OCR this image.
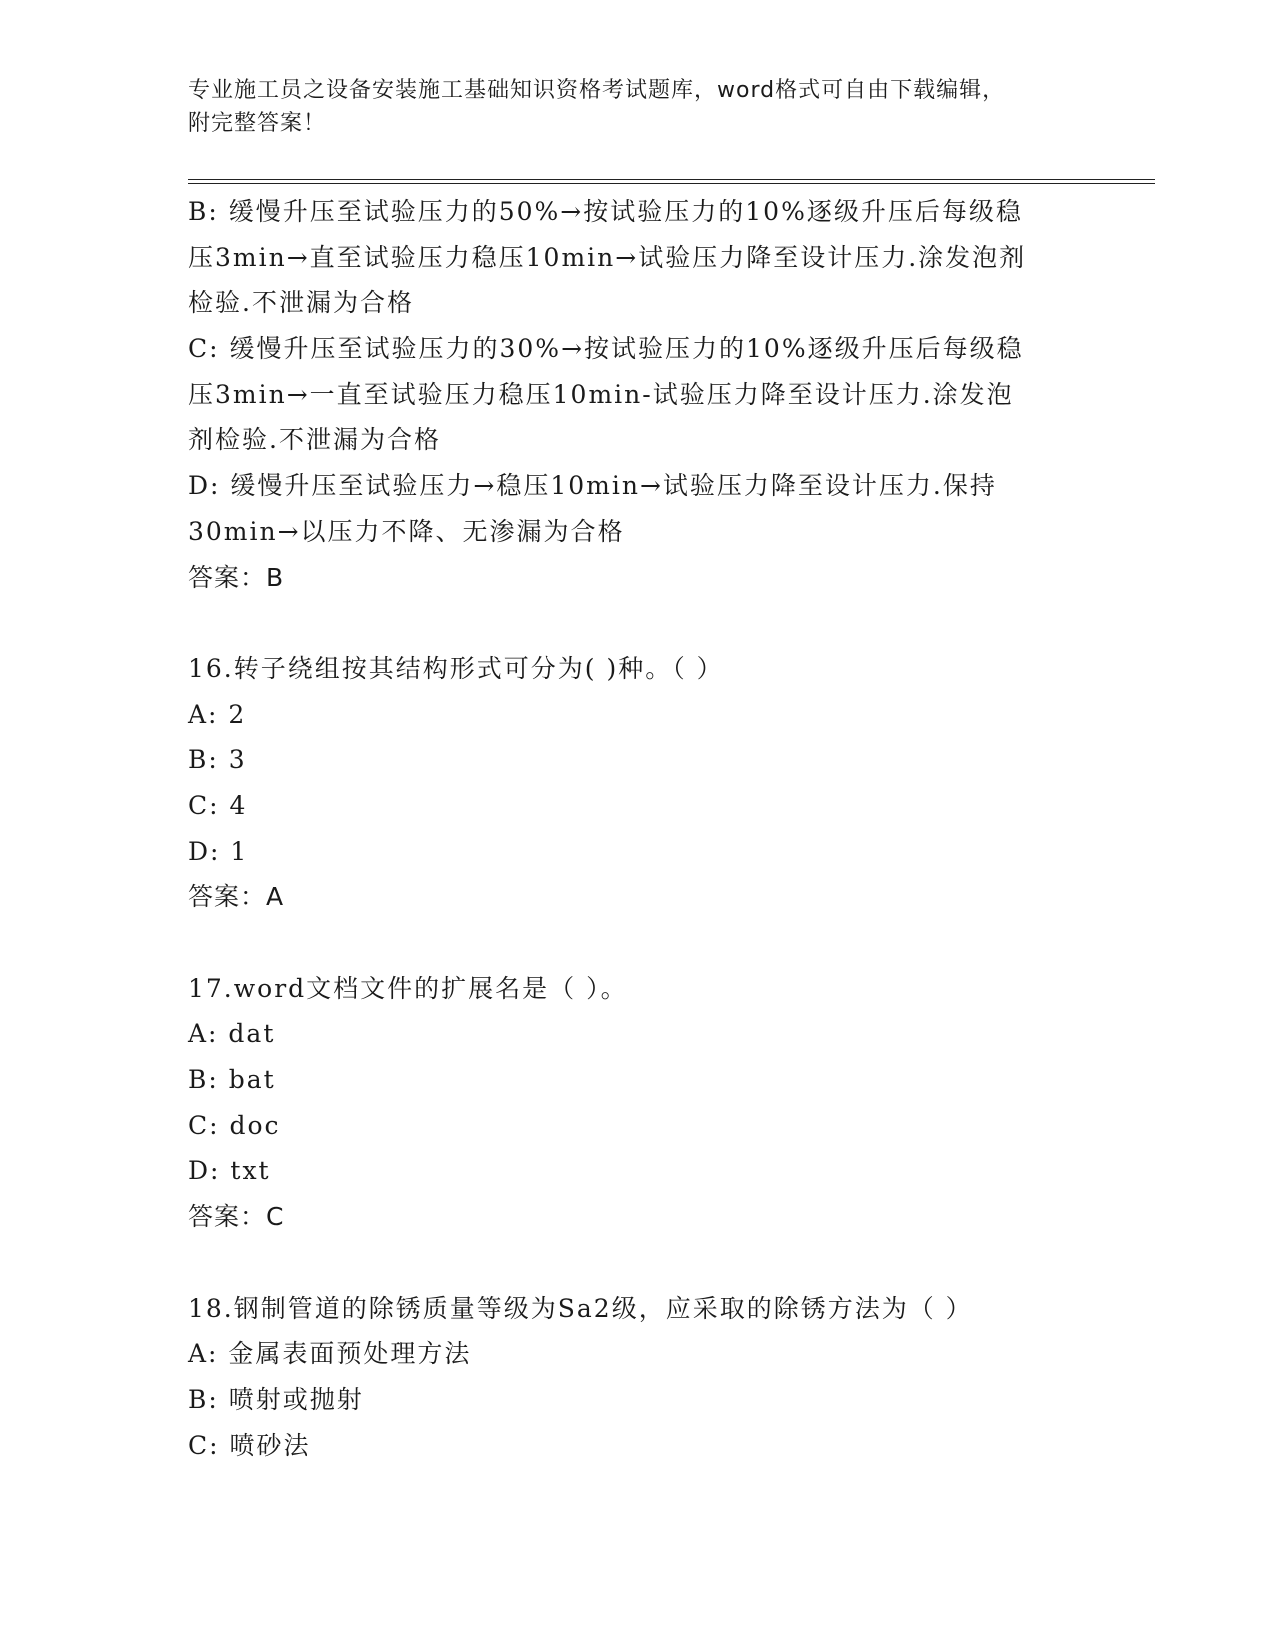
专业施工员之设备安装施工基础知识资格考试题库，word格式可自由下载编辑，
附完整答案！
B: 缓慢升压至试验压力的50%→按试验压力的10%逐级升压后每级稳
压3min→直至试验压力稳压10min→试验压力降至设计压力.涂发泡剂
检验.不泄漏为合格
C: 缓慢升压至试验压力的30%→按试验压力的10%逐级升压后每级稳
压3min→一直至试验压力稳压10min-试验压力降至设计压力.涂发泡
剂检验.不泄漏为合格
D: 缓慢升压至试验压力→稳压10min→试验压力降至设计压力.保持
30min→以压力不降、无渗漏为合格
答案：B
16.转子绕组按其结构形式可分为( )种。（ ）
A: 2
B: 3
C: 4
D: 1
答案：A
17.word文档文件的扩展名是（ ）。
A: dat
B: bat
C: doc
D: txt
答案：C
18.钢制管道的除锈质量等级为Sa2级，应采取的除锈方法为（ ）
A: 金属表面预处理方法
B: 喷射或抛射
C: 喷砂法
